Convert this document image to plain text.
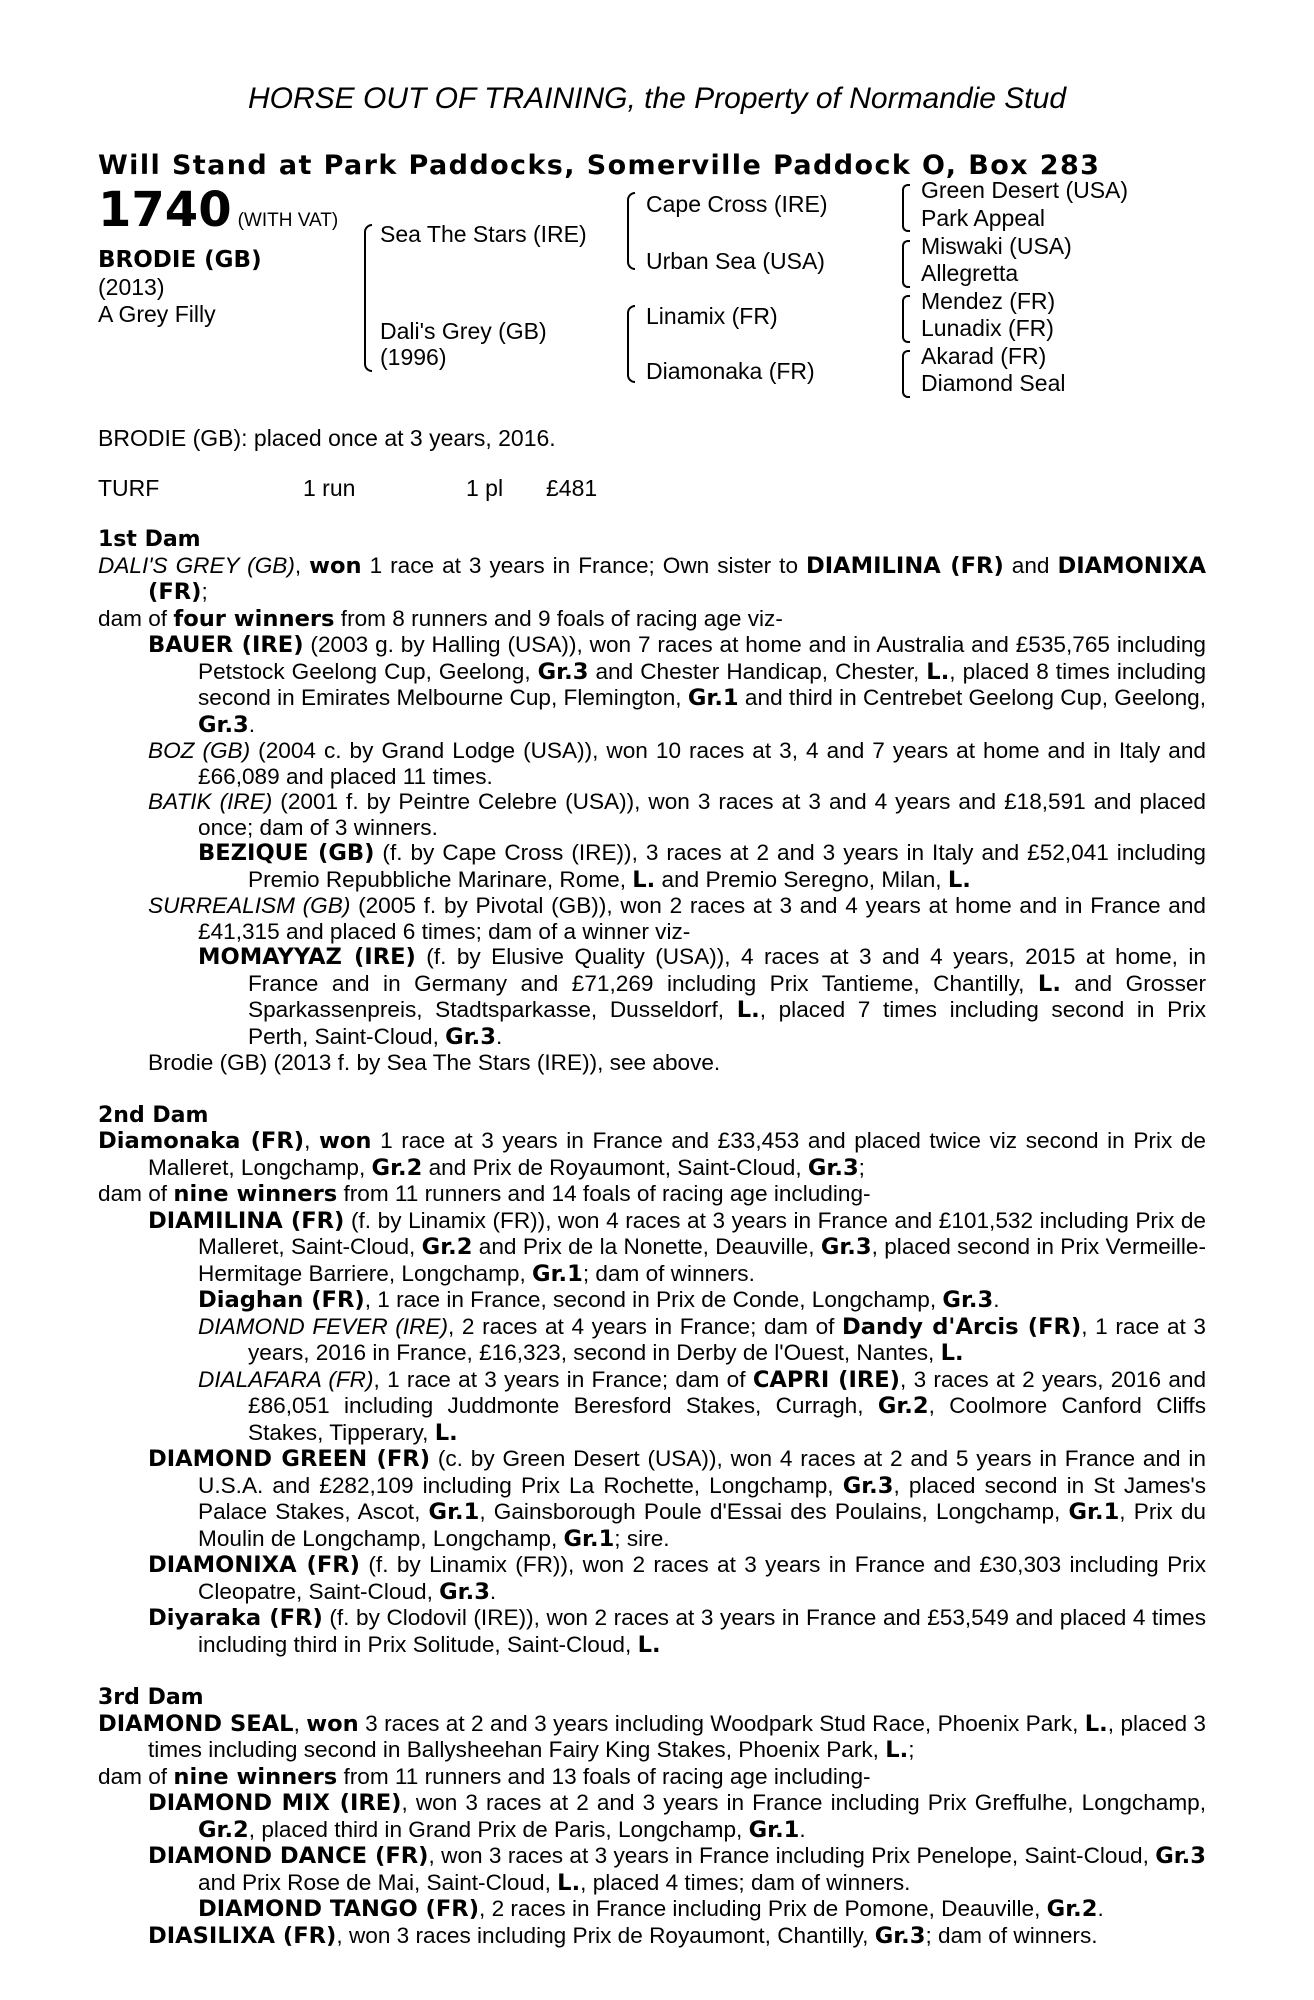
HORSE OUT OF TRAINING, the Property of Normandie Stud
Will Stand at Park Paddocks, Somerville Paddock O, Box 283
1740 (WITH VAT)
BRODIE (GB)
(2013)
A Grey Filly
Sea The Stars (IRE)
Dali's Grey (GB)
(1996)
Cape Cross (IRE)
Urban Sea (USA)
Linamix (FR)
Diamonaka (FR)
Green Desert (USA)
Park Appeal
Miswaki (USA)
Allegretta
Mendez (FR)
Lunadix (FR)
Akarad (FR)
Diamond Seal
BRODIE (GB): placed once at 3 years, 2016.
TURF	1 run	1 pl £481

1st Dam

DALI'S GREY (GB), won 1 race at 3 years in France; Own sister to DIAMILINA (FR) and DIAMONIXA (FR);

dam of four winners from 8 runners and 9 foals of racing age viz-

BAUER (IRE) (2003 g. by Halling (USA)), won 7 races at home and in Australia and £535,765 including Petstock Geelong Cup, Geelong, Gr.3 and Chester Handicap, Chester, L., placed 8 times including second in Emirates Melbourne Cup, Flemington, Gr.1 and third in Centrebet Geelong Cup, Geelong, Gr.3.

BOZ (GB) (2004 c. by Grand Lodge (USA)), won 10 races at 3, 4 and 7 years at home and in Italy and £66,089 and placed 11 times.

BATIK (IRE) (2001 f. by Peintre Celebre (USA)), won 3 races at 3 and 4 years and £18,591 and placed once; dam of 3 winners.

BEZIQUE (GB) (f. by Cape Cross (IRE)), 3 races at 2 and 3 years in Italy and £52,041 including Premio Repubbliche Marinare, Rome, L. and Premio Seregno, Milan, L.

SURREALISM (GB) (2005 f. by Pivotal (GB)), won 2 races at 3 and 4 years at home and in France and £41,315 and placed 6 times; dam of a winner viz-

MOMAYYAZ (IRE) (f. by Elusive Quality (USA)), 4 races at 3 and 4 years, 2015 at home, in France and in Germany and £71,269 including Prix Tantieme, Chantilly, L. and Grosser Sparkassenpreis, Stadtsparkasse, Dusseldorf, L., placed 7 times including second in Prix Perth, Saint-Cloud, Gr.3.

Brodie (GB) (2013 f. by Sea The Stars (IRE)), see above.

2nd Dam

Diamonaka (FR), won 1 race at 3 years in France and £33,453 and placed twice viz second in Prix de Malleret, Longchamp, Gr.2 and Prix de Royaumont, Saint-Cloud, Gr.3;

dam of nine winners from 11 runners and 14 foals of racing age including-

DIAMILINA (FR) (f. by Linamix (FR)), won 4 races at 3 years in France and £101,532 including Prix de Malleret, Saint-Cloud, Gr.2 and Prix de la Nonette, Deauville, Gr.3, placed second in Prix Vermeille-Hermitage Barriere, Longchamp, Gr.1; dam of winners.

Diaghan (FR), 1 race in France, second in Prix de Conde, Longchamp, Gr.3.

DIAMOND FEVER (IRE), 2 races at 4 years in France; dam of Dandy d'Arcis (FR), 1 race at 3 years, 2016 in France, £16,323, second in Derby de l'Ouest, Nantes, L.

DIALAFARA (FR), 1 race at 3 years in France; dam of CAPRI (IRE), 3 races at 2 years, 2016 and £86,051 including Juddmonte Beresford Stakes, Curragh, Gr.2, Coolmore Canford Cliffs Stakes, Tipperary, L.

DIAMOND GREEN (FR) (c. by Green Desert (USA)), won 4 races at 2 and 5 years in France and in U.S.A. and £282,109 including Prix La Rochette, Longchamp, Gr.3, placed second in St James's Palace Stakes, Ascot, Gr.1, Gainsborough Poule d'Essai des Poulains, Longchamp, Gr.1, Prix du Moulin de Longchamp, Longchamp, Gr.1; sire.

DIAMONIXA (FR) (f. by Linamix (FR)), won 2 races at 3 years in France and £30,303 including Prix Cleopatre, Saint-Cloud, Gr.3.

Diyaraka (FR) (f. by Clodovil (IRE)), won 2 races at 3 years in France and £53,549 and placed 4 times including third in Prix Solitude, Saint-Cloud, L.

3rd Dam

DIAMOND SEAL, won 3 races at 2 and 3 years including Woodpark Stud Race, Phoenix Park, L., placed 3 times including second in Ballysheehan Fairy King Stakes, Phoenix Park, L.;

dam of nine winners from 11 runners and 13 foals of racing age including-

DIAMOND MIX (IRE), won 3 races at 2 and 3 years in France including Prix Greffulhe, Longchamp, Gr.2, placed third in Grand Prix de Paris, Longchamp, Gr.1.

DIAMOND DANCE (FR), won 3 races at 3 years in France including Prix Penelope, Saint-Cloud, Gr.3 and Prix Rose de Mai, Saint-Cloud, L., placed 4 times; dam of winners.

DIAMOND TANGO (FR), 2 races in France including Prix de Pomone, Deauville, Gr.2.

DIASILIXA (FR), won 3 races including Prix de Royaumont, Chantilly, Gr.3; dam of winners.
